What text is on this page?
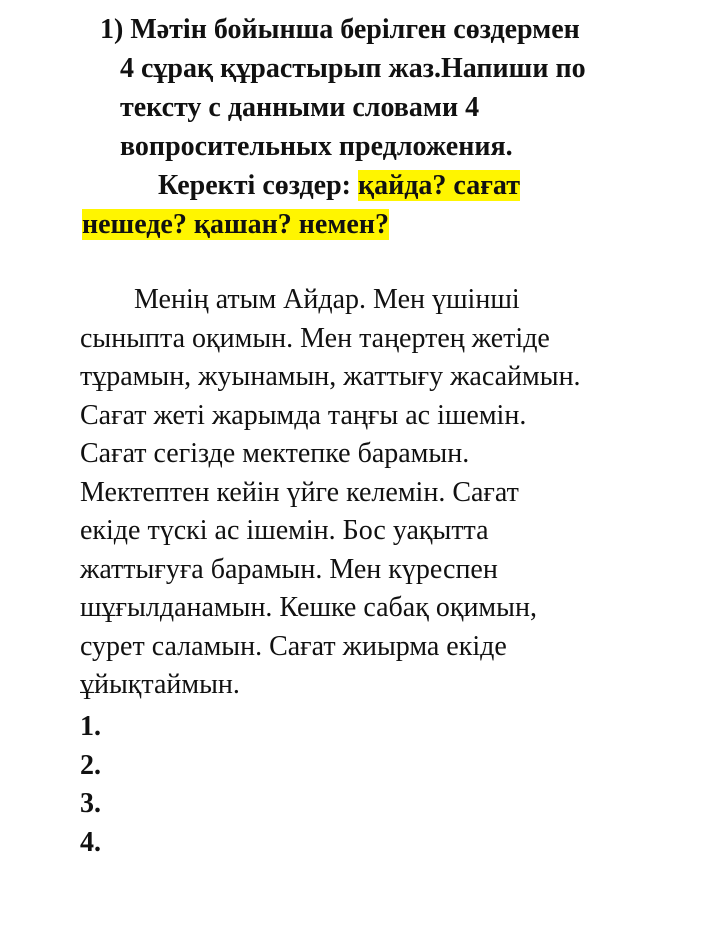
1) Мәтін бойынша берілген сөздермен
4 сұрақ құрастырып жаз.Напиши по
тексту с данными словами 4
вопросительных предложения.
Керекті сөздер: қайда? сағат
нешеде? қашан? немен?
Менің атым Айдар. Мен үшінші
сыныпта оқимын. Мен таңертең жетіде
тұрамын, жуынамын, жаттығу жасаймын.
Сағат жеті жарымда таңғы ас ішемін.
Сағат сегізде мектепке барамын.
Мектептен кейін үйге келемін. Сағат
екіде түскі ас ішемін. Бос уақытта
жаттығуға барамын. Мен күреспен
шұғылданамын. Кешке сабақ оқимын,
сурет саламын. Сағат жиырма екіде
ұйықтаймын.
1.
2.
3.
4.
